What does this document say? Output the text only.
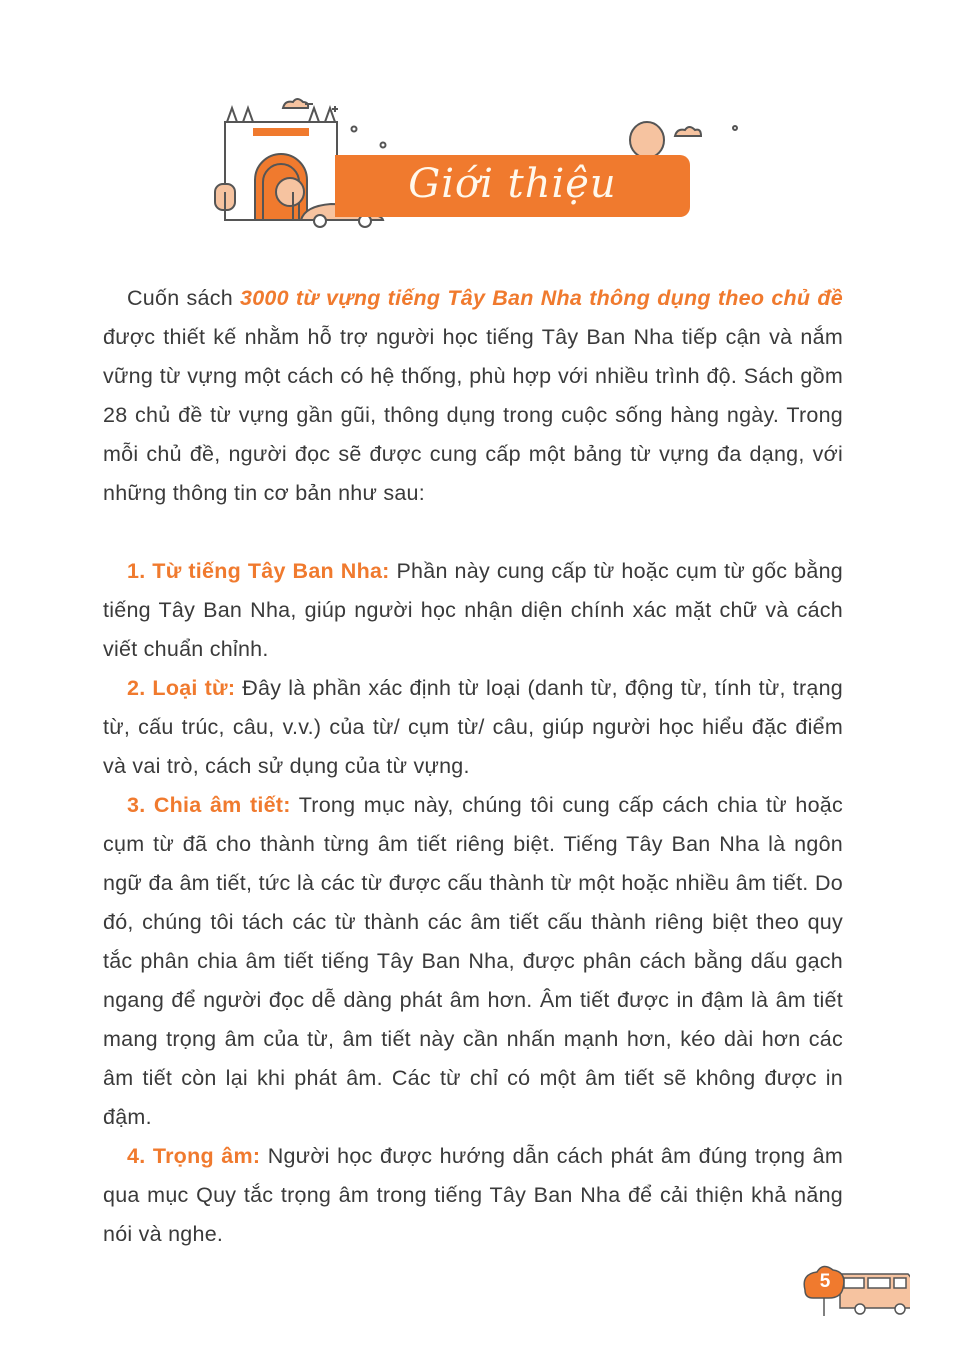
Giới thiệu

Cuốn sách 3000 từ vựng tiếng Tây Ban Nha thông dụng theo chủ đề được thiết kế nhằm hỗ trợ người học tiếng Tây Ban Nha tiếp cận và nắm vững từ vựng một cách có hệ thống, phù hợp với nhiều trình độ. Sách gồm 28 chủ đề từ vựng gần gũi, thông dụng trong cuộc sống hàng ngày. Trong mỗi chủ đề, người đọc sẽ được cung cấp một bảng từ vựng đa dạng, với những thông tin cơ bản như sau:

1. Từ tiếng Tây Ban Nha: Phần này cung cấp từ hoặc cụm từ gốc bằng tiếng Tây Ban Nha, giúp người học nhận diện chính xác mặt chữ và cách viết chuẩn chỉnh.

2. Loại từ: Đây là phần xác định từ loại (danh từ, động từ, tính từ, trạng từ, cấu trúc, câu, v.v.) của từ/ cụm từ/ câu, giúp người học hiểu đặc điểm và vai trò, cách sử dụng của từ vựng.

3. Chia âm tiết: Trong mục này, chúng tôi cung cấp cách chia từ hoặc cụm từ đã cho thành từng âm tiết riêng biệt. Tiếng Tây Ban Nha là ngôn ngữ đa âm tiết, tức là các từ được cấu thành từ một hoặc nhiều âm tiết. Do đó, chúng tôi tách các từ thành các âm tiết cấu thành riêng biệt theo quy tắc phân chia âm tiết tiếng Tây Ban Nha, được phân cách bằng dấu gạch ngang để người đọc dễ dàng phát âm hơn. Âm tiết được in đậm là âm tiết mang trọng âm của từ, âm tiết này cần nhấn mạnh hơn, kéo dài hơn các âm tiết còn lại khi phát âm. Các từ chỉ có một âm tiết sẽ không được in đậm.

4. Trọng âm: Người học được hướng dẫn cách phát âm đúng trọng âm qua mục Quy tắc trọng âm trong tiếng Tây Ban Nha để cải thiện khả năng nói và nghe.

5
